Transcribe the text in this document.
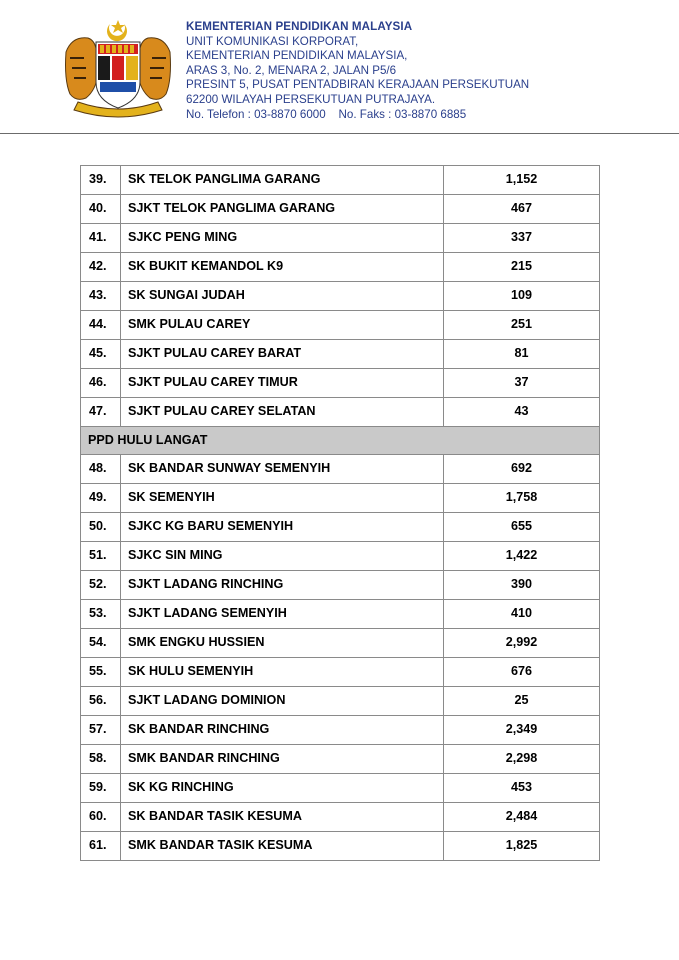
KEMENTERIAN PENDIDIKAN MALAYSIA
UNIT KOMUNIKASI KORPORAT,
KEMENTERIAN PENDIDIKAN MALAYSIA,
ARAS 3, No. 2, MENARA 2, JALAN P5/6
PRESINT 5, PUSAT PENTADBIRAN KERAJAAN PERSEKUTUAN
62200 WILAYAH PERSEKUTUAN PUTRAJAYA.
No. Telefon : 03-8870 6000    No. Faks : 03-8870 6885
39.	SK TELOK PANGLIMA GARANG	1,152
40.	SJKT TELOK PANGLIMA GARANG	467
41.	SJKC PENG MING	337
42.	SK BUKIT KEMANDOL K9	215
43.	SK SUNGAI JUDAH	109
44.	SMK PULAU CAREY	251
45.	SJKT PULAU CAREY BARAT	81
46.	SJKT PULAU CAREY TIMUR	37
47.	SJKT PULAU CAREY SELATAN	43
PPD HULU LANGAT		
48.	SK BANDAR SUNWAY SEMENYIH	692
49.	SK SEMENYIH	1,758
50.	SJKC KG BARU SEMENYIH	655
51.	SJKC SIN MING	1,422
52.	SJKT LADANG RINCHING	390
53.	SJKT LADANG SEMENYIH	410
54.	SMK ENGKU HUSSIEN	2,992
55.	SK HULU SEMENYIH	676
56.	SJKT LADANG DOMINION	25
57.	SK BANDAR RINCHING	2,349
58.	SMK BANDAR RINCHING	2,298
59.	SK KG RINCHING	453
60.	SK BANDAR TASIK KESUMA	2,484
61.	SMK BANDAR TASIK KESUMA	1,825
